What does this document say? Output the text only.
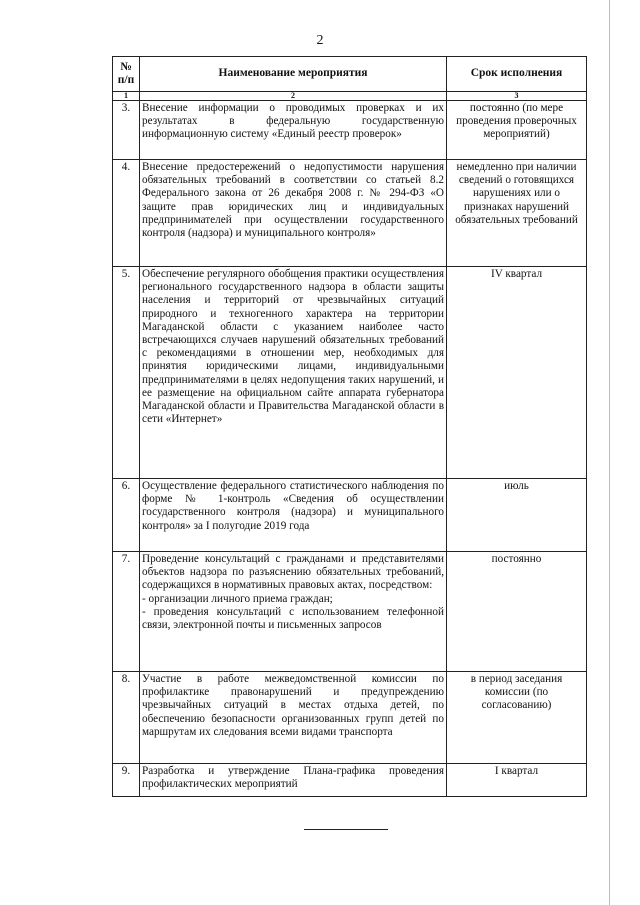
2
№ п/п	Наименование мероприятия	Срок исполнения
1	2	3
3.	Внесение информации о проводимых проверках и их результатах в федеральную государственную информационную систему «Единый реестр проверок»	постоянно (по мере проведения проверочных мероприятий)
4.	Внесение предостережений о недопустимости нарушения обязательных требований в соответствии со статьей 8.2 Федерального закона от 26 декабря 2008 г. № 294-ФЗ «О защите прав юридических лиц и индивидуальных предпринимателей при осуществлении государственного контроля (надзора) и муниципального контроля»	немедленно при наличии сведений о готовящихся нарушениях или о признаках нарушений обязательных требований
5.	Обеспечение регулярного обобщения практики осуществления регионального государственного надзора в области защиты населения и территорий от чрезвычайных ситуаций природного и техногенного характера на территории Магаданской области с указанием наиболее часто встречающихся случаев нарушений обязательных требований с рекомендациями в отношении мер, необходимых для принятия юридическими лицами, индивидуальными предпринимателями в целях недопущения таких нарушений, и ее размещение на официальном сайте аппарата губернатора Магаданской области и Правительства Магаданской области в сети «Интернет»	IV квартал
6.	Осуществление федерального статистического наблюдения по форме № 1-контроль «Сведения об осуществлении государственного контроля (надзора) и муниципального контроля» за I полугодие 2019 года	июль
7.	Проведение консультаций с гражданами и представителями объектов надзора по разъяснению обязательных требований, содержащихся в нормативных правовых актах, посредством:
- организации личного приема граждан;
- проведения консультаций с использованием телефонной связи, электронной почты и письменных запросов	постоянно
8.	Участие в работе межведомственной комиссии по профилактике правонарушений и предупреждению чрезвычайных ситуаций в местах отдыха детей, по обеспечению безопасности организованных групп детей по маршрутам их следования всеми видами транспорта	в период заседания комиссии (по согласованию)
9.	Разработка и утверждение Плана-графика проведения профилактических мероприятий	I квартал
